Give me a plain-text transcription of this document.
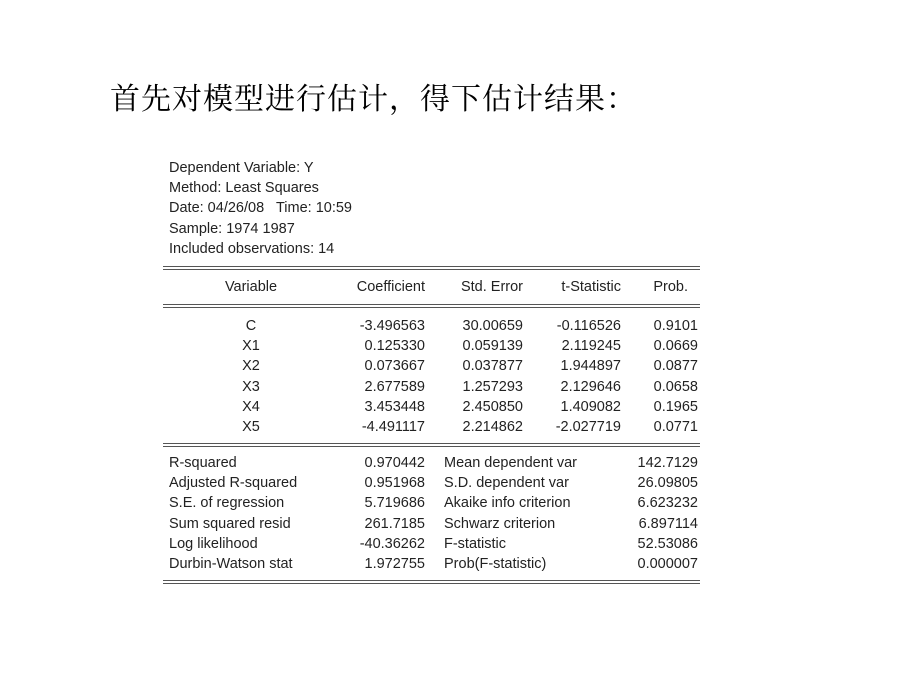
首先对模型进行估计，得下估计结果：
Dependent Variable: Y
Method: Least Squares
Date: 04/26/08   Time: 10:59
Sample: 1974 1987
Included observations: 14
Variable	Coefficient	Std. Error	t-Statistic	Prob.
C	-3.496563	30.00659	-0.116526	0.9101
X1	0.125330	0.059139	2.119245	0.0669
X2	0.073667	0.037877	1.944897	0.0877
X3	2.677589	1.257293	2.129646	0.0658
X4	3.453448	2.450850	1.409082	0.1965
X5	-4.491117	2.214862	-2.027719	0.0771
R-squared	0.970442 Mean dependent var	142.7129
Adjusted R-squared	0.951968 S.D. dependent var	26.09805
S.E. of regression	5.719686 Akaike info criterion	6.623232
Sum squared resid	261.7185 Schwarz criterion	6.897114
Log likelihood	-40.36262 F-statistic	52.53086
Durbin-Watson stat	1.972755 Prob(F-statistic)	0.000007
